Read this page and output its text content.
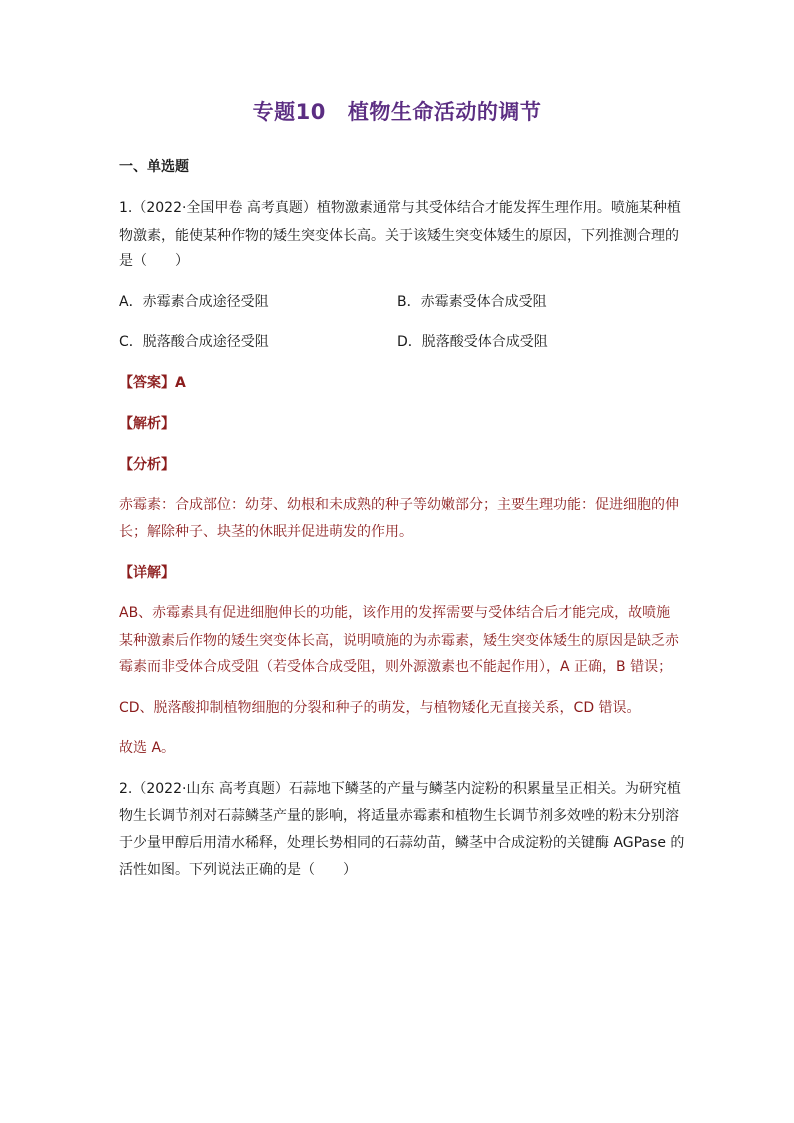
专题10 植物生命活动的调节
一、单选题
1.（2022·全国甲卷 高考真题）植物激素通常与其受体结合才能发挥生理作用。喷施某种植
物激素，能使某种作物的矮生突变体长高。关于该矮生突变体矮生的原因，下列推测合理的
是（　　）
A．赤霉素合成途径受阻	B．赤霉素受体合成受阻
C．脱落酸合成途径受阻	D．脱落酸受体合成受阻
【答案】A
【解析】
【分析】
赤霉素：合成部位：幼芽、幼根和未成熟的种子等幼嫩部分；主要生理功能：促进细胞的伸
长；解除种子、块茎的休眠并促进萌发的作用。
【详解】
AB、赤霉素具有促进细胞伸长的功能，该作用的发挥需要与受体结合后才能完成，故喷施
某种激素后作物的矮生突变体长高，说明喷施的为赤霉素，矮生突变体矮生的原因是缺乏赤
霉素而非受体合成受阻（若受体合成受阻，则外源激素也不能起作用），A 正确，B 错误；
CD、脱落酸抑制植物细胞的分裂和种子的萌发，与植物矮化无直接关系，CD 错误。
故选 A。
2.（2022·山东 高考真题）石蒜地下鳞茎的产量与鳞茎内淀粉的积累量呈正相关。为研究植
物生长调节剂对石蒜鳞茎产量的影响，将适量赤霉素和植物生长调节剂多效唑的粉末分别溶
于少量甲醇后用清水稀释，处理长势相同的石蒜幼苗，鳞茎中合成淀粉的关键酶 AGPase 的
活性如图。下列说法正确的是（　　）
